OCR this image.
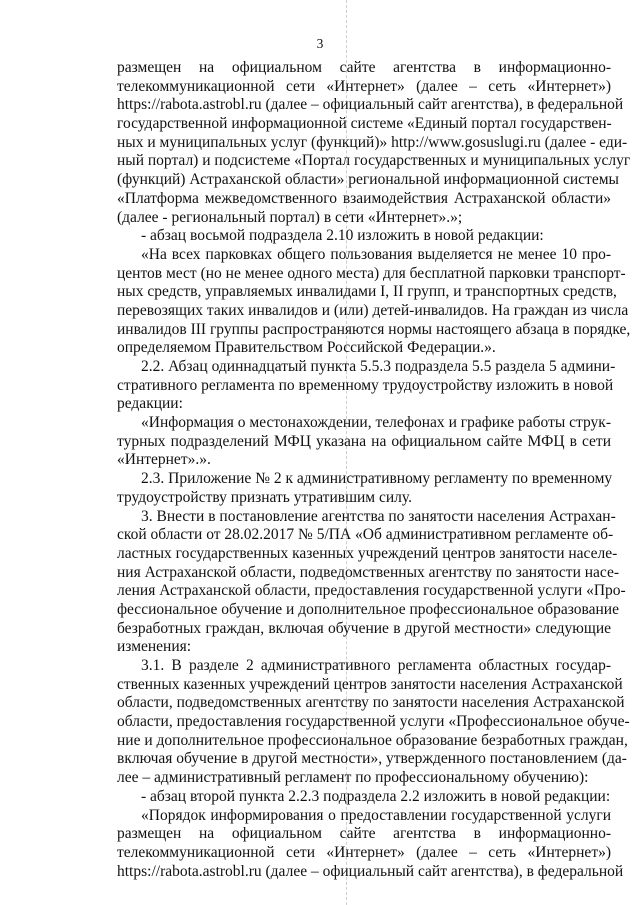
3
размещен на официальном сайте агентства в информационно-
телекоммуникационной сети «Интернет» (далее – сеть «Интернет»)
https://rabota.astrobl.ru (далее – официальный сайт агентства), в федеральной
государственной информационной системе «Единый портал государствен-
ных и муниципальных услуг (функций)» http://www.gosuslugi.ru (далее - еди-
ный портал) и подсистеме «Портал государственных и муниципальных услуг
(функций) Астраханской области» региональной информационной системы
«Платформа межведомственного взаимодействия Астраханской области»
(далее - региональный портал) в сети «Интернет».»;
- абзац восьмой подраздела 2.10 изложить в новой редакции:
«На всех парковках общего пользования выделяется не менее 10 про-
центов мест (но не менее одного места) для бесплатной парковки транспорт-
ных средств, управляемых инвалидами I, II групп, и транспортных средств,
перевозящих таких инвалидов и (или) детей-инвалидов. На граждан из числа
инвалидов III группы распространяются нормы настоящего абзаца в порядке,
определяемом Правительством Российской Федерации.».
2.2. Абзац одиннадцатый пункта 5.5.3 подраздела 5.5 раздела 5 админи-
стративного регламента по временному трудоустройству изложить в новой
редакции:
«Информация о местонахождении, телефонах и графике работы струк-
турных подразделений МФЦ указана на официальном сайте МФЦ в сети
«Интернет».».
2.3. Приложение № 2 к административному регламенту по временному
трудоустройству признать утратившим силу.
3. Внести в постановление агентства по занятости населения Астрахан-
ской области от 28.02.2017 № 5/ПА «Об административном регламенте об-
ластных государственных казенных учреждений центров занятости населе-
ния Астраханской области, подведомственных агентству по занятости насе-
ления Астраханской области, предоставления государственной услуги «Про-
фессиональное обучение и дополнительное профессиональное образование
безработных граждан, включая обучение в другой местности» следующие
изменения:
3.1. В разделе 2 административного регламента областных государ-
ственных казенных учреждений центров занятости населения Астраханской
области, подведомственных агентству по занятости населения Астраханской
области, предоставления государственной услуги «Профессиональное обуче-
ние и дополнительное профессиональное образование безработных граждан,
включая обучение в другой местности», утвержденного постановлением (да-
лее – административный регламент по профессиональному обучению):
- абзац второй пункта 2.2.3 подраздела 2.2 изложить в новой редакции:
«Порядок информирования о предоставлении государственной услуги
размещен на официальном сайте агентства в информационно-
телекоммуникационной сети «Интернет» (далее – сеть «Интернет»)
https://rabota.astrobl.ru (далее – официальный сайт агентства), в федеральной
